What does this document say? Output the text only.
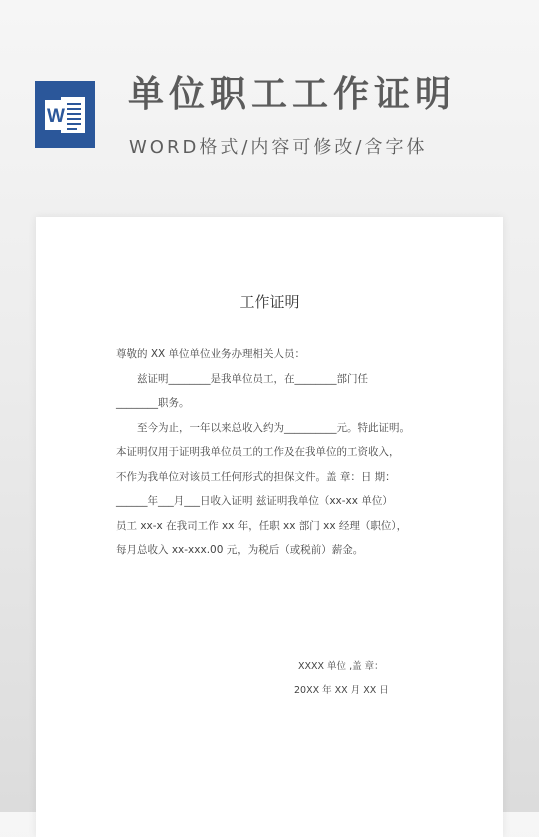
W
单位职工工作证明
WORD格式/内容可修改/含字体
工作证明
尊敬的 XX 单位单位业务办理相关人员：
兹证明________是我单位员工，在________部门任
________职务。
至今为止，一年以来总收入约为__________元。特此证明。
本证明仅用于证明我单位员工的工作及在我单位的工资收入，
不作为我单位对该员工任何形式的担保文件。盖 章：日 期：
______年___月___日收入证明 兹证明我单位（xx-xx 单位）
员工 xx-x 在我司工作 xx 年，任职 xx 部门 xx 经理（职位），
每月总收入 xx-xxx.00 元，为税后（或税前）薪金。
XXXX 单位 ,盖 章：
20XX 年 XX 月 XX 日
